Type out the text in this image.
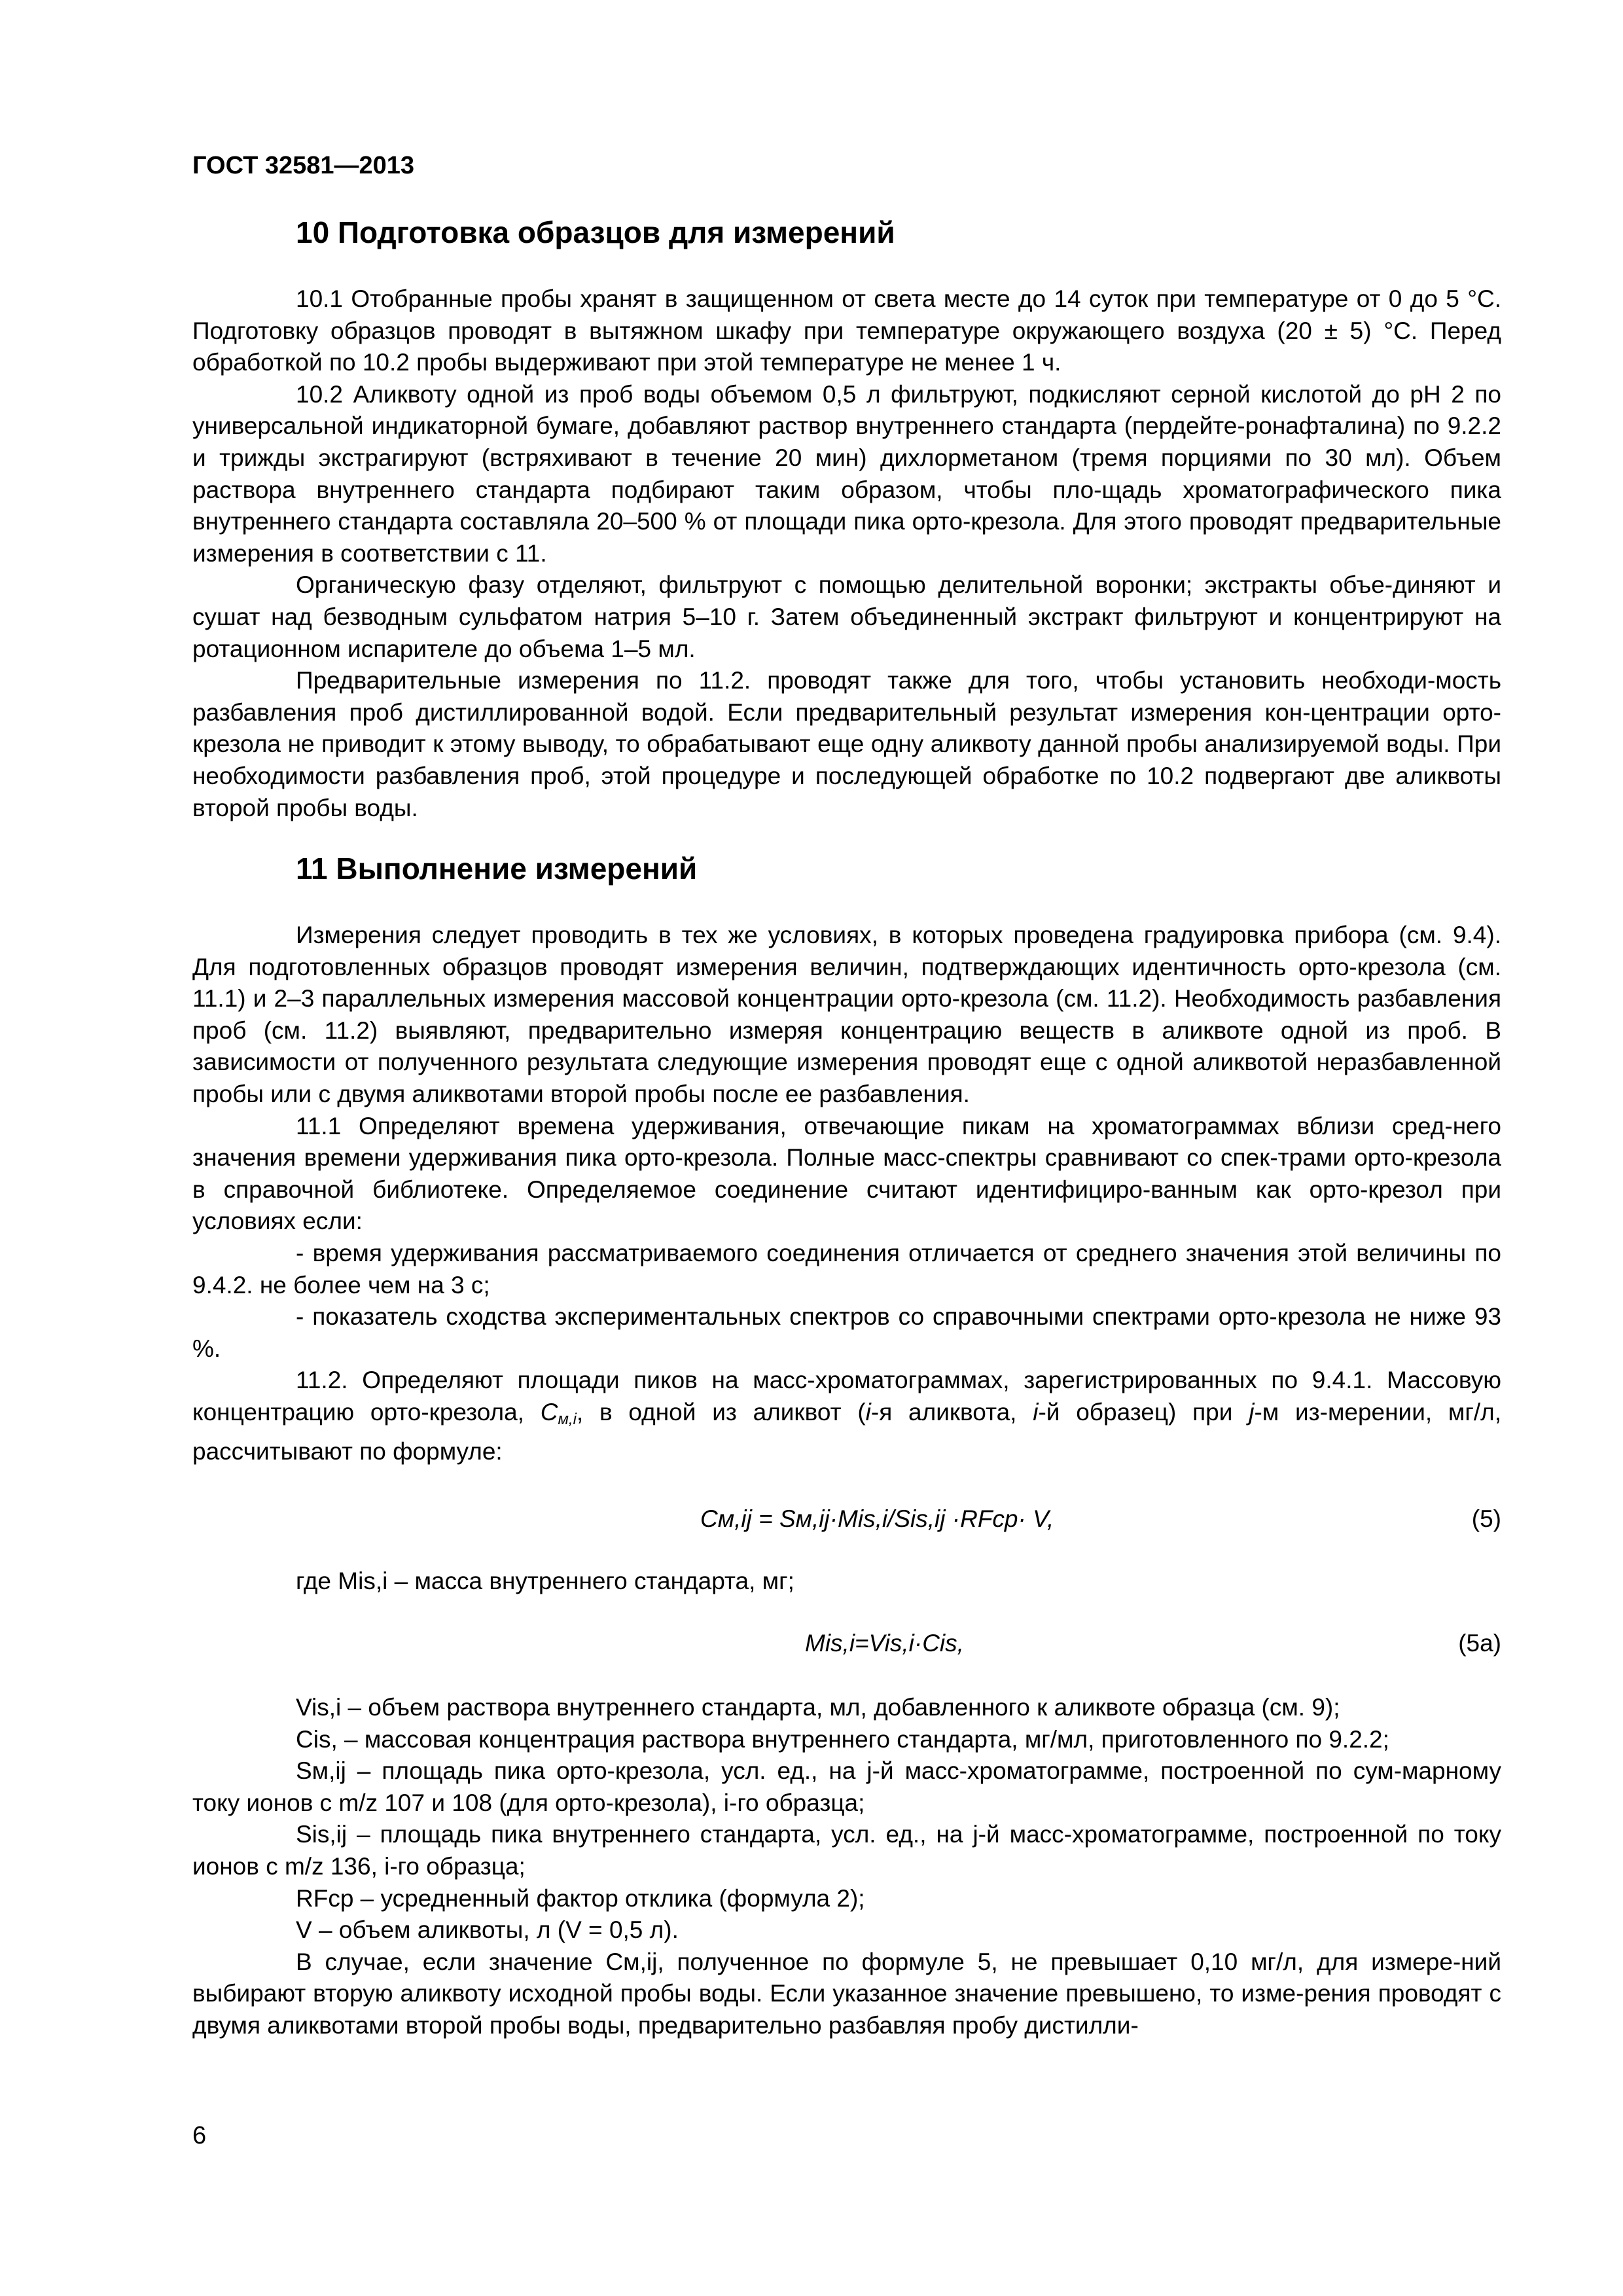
ГОСТ 32581—2013
10 Подготовка образцов для измерений

10.1 Отобранные пробы хранят в защищенном от света месте до 14 суток при температуре от 0 до 5 °С. Подготовку образцов проводят в вытяжном шкафу при температуре окружающего воздуха (20 ± 5) °С. Перед обработкой по 10.2 пробы выдерживают при этой температуре не менее 1 ч.

10.2 Аликвоту одной из проб воды объемом 0,5 л фильтруют, подкисляют серной кислотой до рН 2 по универсальной индикаторной бумаге, добавляют раствор внутреннего стандарта (пердейте-ронафталина) по 9.2.2 и трижды экстрагируют (встряхивают в течение 20 мин) дихлорметаном (тремя порциями по 30 мл). Объем раствора внутреннего стандарта подбирают таким образом, чтобы пло-щадь хроматографического пика внутреннего стандарта составляла 20–500 % от площади пика орто-крезола. Для этого проводят предварительные измерения в соответствии с 11.

Органическую фазу отделяют, фильтруют с помощью делительной воронки; экстракты объе-диняют и сушат над безводным сульфатом натрия 5–10 г. Затем объединенный экстракт фильтруют и концентрируют на ротационном испарителе до объема 1–5 мл.

Предварительные измерения по 11.2. проводят также для того, чтобы установить необходи-мость разбавления проб дистиллированной водой. Если предварительный результат измерения кон-центрации орто-крезола не приводит к этому выводу, то обрабатывают еще одну аликвоту данной пробы анализируемой воды. При необходимости разбавления проб, этой процедуре и последующей обработке по 10.2 подвергают две аликвоты второй пробы воды.

11 Выполнение измерений

Измерения следует проводить в тех же условиях, в которых проведена градуировка прибора (см. 9.4). Для подготовленных образцов проводят измерения величин, подтверждающих идентичность орто-крезола (см. 11.1) и 2–3 параллельных измерения массовой концентрации орто-крезола (см. 11.2). Необходимость разбавления проб (см. 11.2) выявляют, предварительно измеряя концентрацию веществ в аликвоте одной из проб. В зависимости от полученного результата следующие измерения проводят еще с одной аликвотой неразбавленной пробы или с двумя аликвотами второй пробы после ее разбавления.

11.1 Определяют времена удерживания, отвечающие пикам на хроматограммах вблизи сред-него значения времени удерживания пика орто-крезола. Полные масс-спектры сравнивают со спек-трами орто-крезола в справочной библиотеке. Определяемое соединение считают идентифициро-ванным как орто-крезол при условиях если:

- время удерживания рассматриваемого соединения отличается от среднего значения этой величины по 9.4.2. не более чем на 3 с;

- показатель сходства экспериментальных спектров со справочными спектрами орто-крезола не ниже 93 %.

11.2. Определяют площади пиков на масс-хроматограммах, зарегистрированных по 9.4.1. Массовую концентрацию орто-крезола, $C_{м,i}$, в одной из аликвот (i-я аликвота, i-й образец) при j-м из-мерении, мг/л, рассчитывают по формуле:

См,ij = Sм,ij·Mis,i/Sis,ij ·RFср· V,	(5)
где Mis,i – масса внутреннего стандарта, мг;
Mis,i=Vis,i·Cis,	(5а)

Vis,i – объем раствора внутреннего стандарта, мл, добавленного к аликвоте образца (см. 9);

Cis, – массовая концентрация раствора внутреннего стандарта, мг/мл, приготовленного по 9.2.2;

Sм,ij – площадь пика орто-крезола, усл. ед., на j-й масс-хроматограмме, построенной по сум-марному току ионов с m/z 107 и 108 (для орто-крезола), i-го образца;

Sis,ij – площадь пика внутреннего стандарта, усл. ед., на j-й масс-хроматограмме, построенной по току ионов с m/z 136, i-го образца;

RFср – усредненный фактор отклика (формула 2);

V – объем аликвоты, л (V = 0,5 л).

В случае, если значение См,ij, полученное по формуле 5, не превышает 0,10 мг/л, для измере-ний выбирают вторую аликвоту исходной пробы воды. Если указанное значение превышено, то изме-рения проводят с двумя аликвотами второй пробы воды, предварительно разбавляя пробу дистилли-

6
